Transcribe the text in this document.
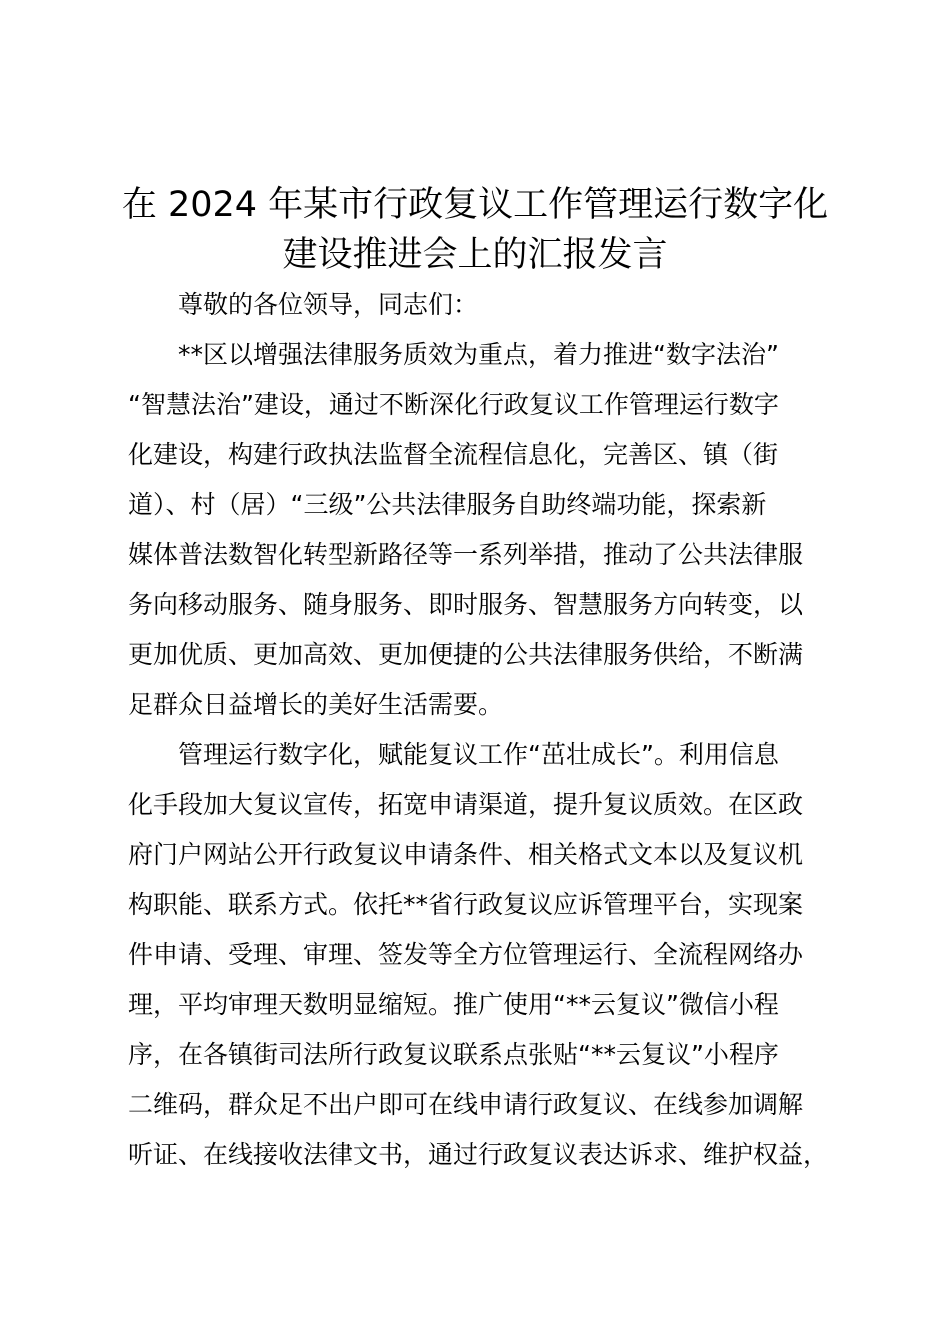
在 2024 年某市行政复议工作管理运行数字化
建设推进会上的汇报发言
尊敬的各位领导，同志们：
**区以增强法律服务质效为重点，着力推进“数字法治”
“智慧法治”建设，通过不断深化行政复议工作管理运行数字
化建设，构建行政执法监督全流程信息化，完善区、镇（街
道）、村（居）“三级”公共法律服务自助终端功能，探索新
媒体普法数智化转型新路径等一系列举措，推动了公共法律服
务向移动服务、随身服务、即时服务、智慧服务方向转变，以
更加优质、更加高效、更加便捷的公共法律服务供给，不断满
足群众日益增长的美好生活需要。
管理运行数字化，赋能复议工作“茁壮成长”。利用信息
化手段加大复议宣传，拓宽申请渠道，提升复议质效。在区政
府门户网站公开行政复议申请条件、相关格式文本以及复议机
构职能、联系方式。依托**省行政复议应诉管理平台，实现案
件申请、受理、审理、签发等全方位管理运行、全流程网络办
理，平均审理天数明显缩短。推广使用“**云复议”微信小程
序，在各镇街司法所行政复议联系点张贴“**云复议”小程序
二维码，群众足不出户即可在线申请行政复议、在线参加调解
听证、在线接收法律文书，通过行政复议表达诉求、维护权益，
